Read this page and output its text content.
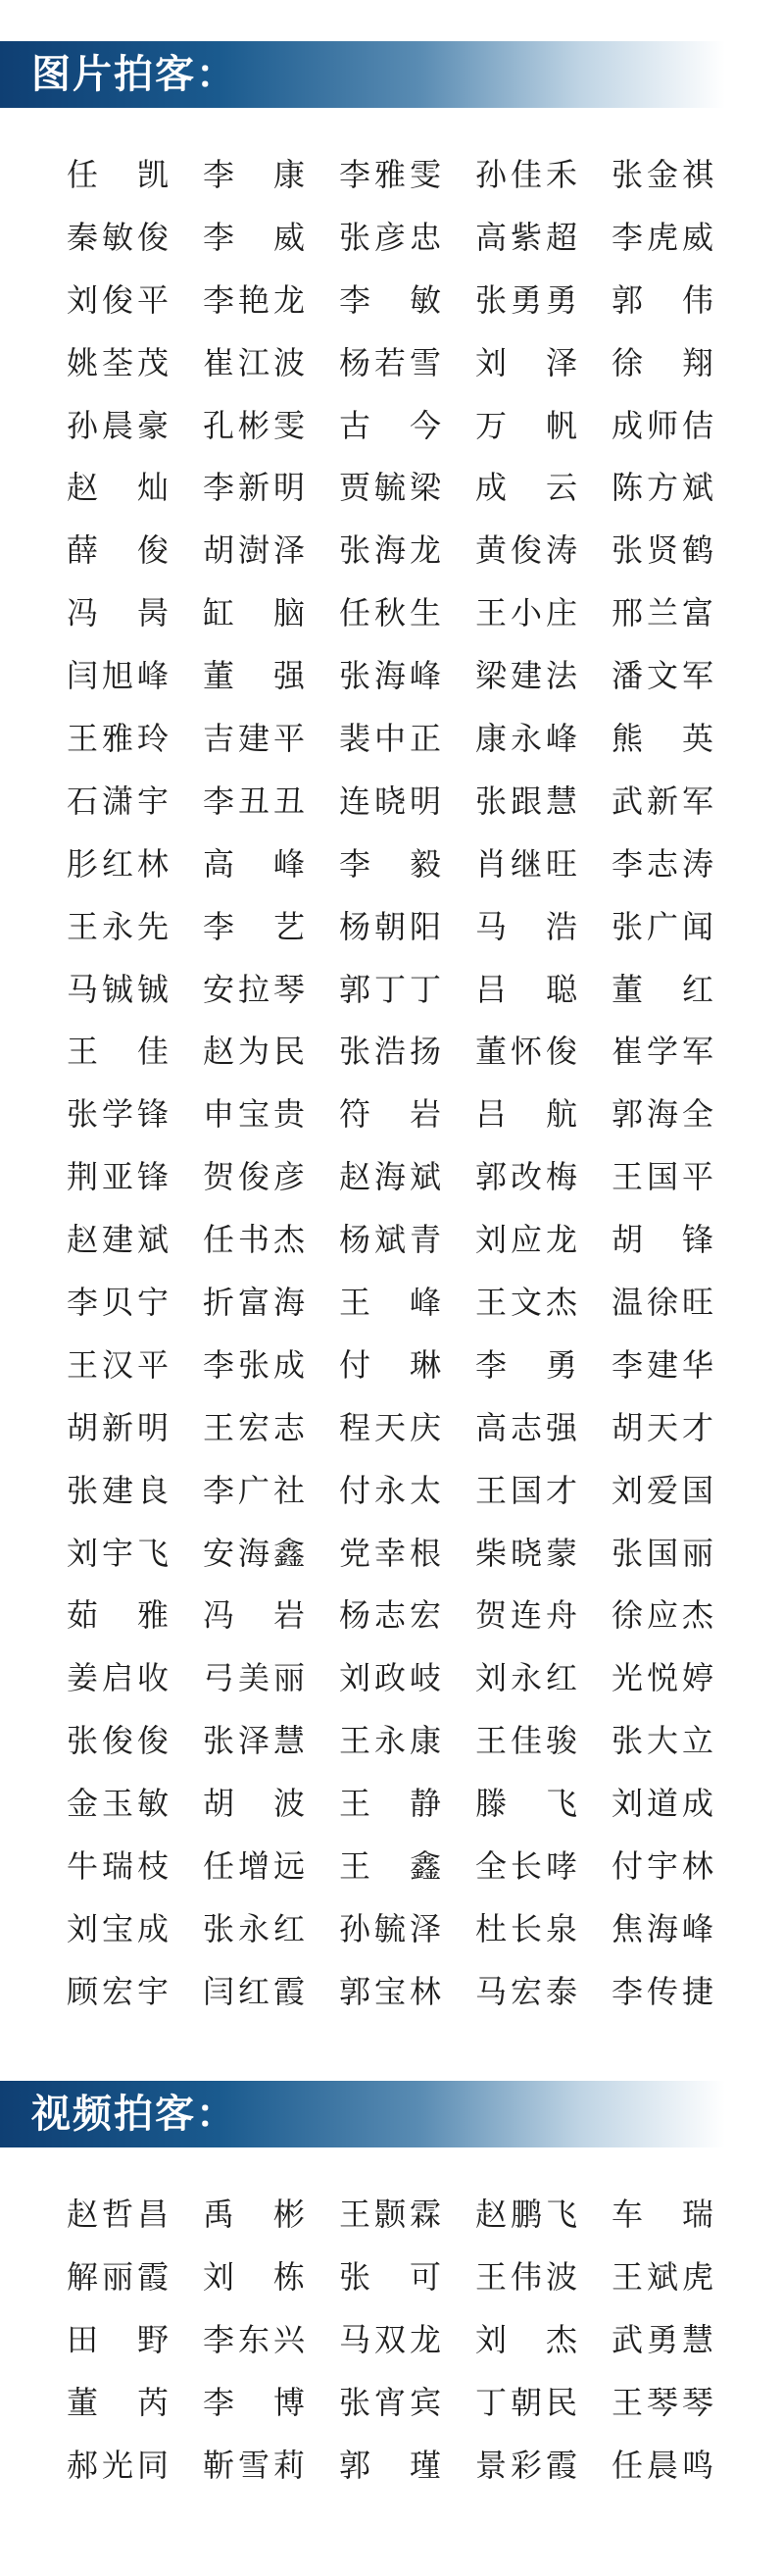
图片拍客：
任 凯 李 康 李 雅 雯 孙 佳 禾 张 金 祺
秦 敏 俊 李 威 张 彦 忠 高 紫 超 李 虎 威
刘 俊 平 李 艳 龙 李 敏 张 勇 勇 郭 伟
姚 荃 茂 崔 江 波 杨 若 雪 刘 泽 徐 翔
孙 晨 豪 孔 彬 雯 古 今 万 帆 成 师 佶
赵 灿 李 新 明 贾 毓 梁 成 云 陈 方 斌
薛 俊 胡 澍 泽 张 海 龙 黄 俊 涛 张 贤 鹤
冯 昺 缸 脑 任 秋 生 王 小 庄 邢 兰 富
闫 旭 峰 董 强 张 海 峰 梁 建 法 潘 文 军
王 雅 玲 吉 建 平 裴 中 正 康 永 峰 熊 英
石 潇 宇 李 丑 丑 连 晓 明 张 跟 慧 武 新 军
肜 红 林 高 峰 李 毅 肖 继 旺 李 志 涛
王 永 先 李 艺 杨 朝 阳 马 浩 张 广 闻
马 铖 铖 安 拉 琴 郭 丁 丁 吕 聪 董 红
王 佳 赵 为 民 张 浩 扬 董 怀 俊 崔 学 军
张 学 锋 申 宝 贵 符 岩 吕 航 郭 海 全
荆 亚 锋 贺 俊 彦 赵 海 斌 郭 改 梅 王 国 平
赵 建 斌 任 书 杰 杨 斌 青 刘 应 龙 胡 锋
李 贝 宁 折 富 海 王 峰 王 文 杰 温 徐 旺
王 汉 平 李 张 成 付 琳 李 勇 李 建 华
胡 新 明 王 宏 志 程 天 庆 高 志 强 胡 天 才
张 建 良 李 广 社 付 永 太 王 国 才 刘 爱 国
刘 宇 飞 安 海 鑫 党 幸 根 柴 晓 蒙 张 国 丽
茹 雅 冯 岩 杨 志 宏 贺 连 舟 徐 应 杰
姜 启 收 弓 美 丽 刘 政 岐 刘 永 红 光 悦 婷
张 俊 俊 张 泽 慧 王 永 康 王 佳 骏 张 大 立
金 玉 敏 胡 波 王 静 滕 飞 刘 道 成
牛 瑞 枝 任 增 远 王 鑫 全 长 哮 付 宇 林
刘 宝 成 张 永 红 孙 毓 泽 杜 长 泉 焦 海 峰
顾 宏 宇 闫 红 霞 郭 宝 林 马 宏 泰 李 传 捷
视频拍客：
赵 哲 昌 禹 彬 王 颢 霖 赵 鹏 飞 车 瑞
解 丽 霞 刘 栋 张 可 王 伟 波 王 斌 虎
田 野 李 东 兴 马 双 龙 刘 杰 武 勇 慧
董 芮 李 博 张 宵 宾 丁 朝 民 王 琴 琴
郝 光 同 靳 雪 莉 郭 瑾 景 彩 霞 任 晨 鸣
